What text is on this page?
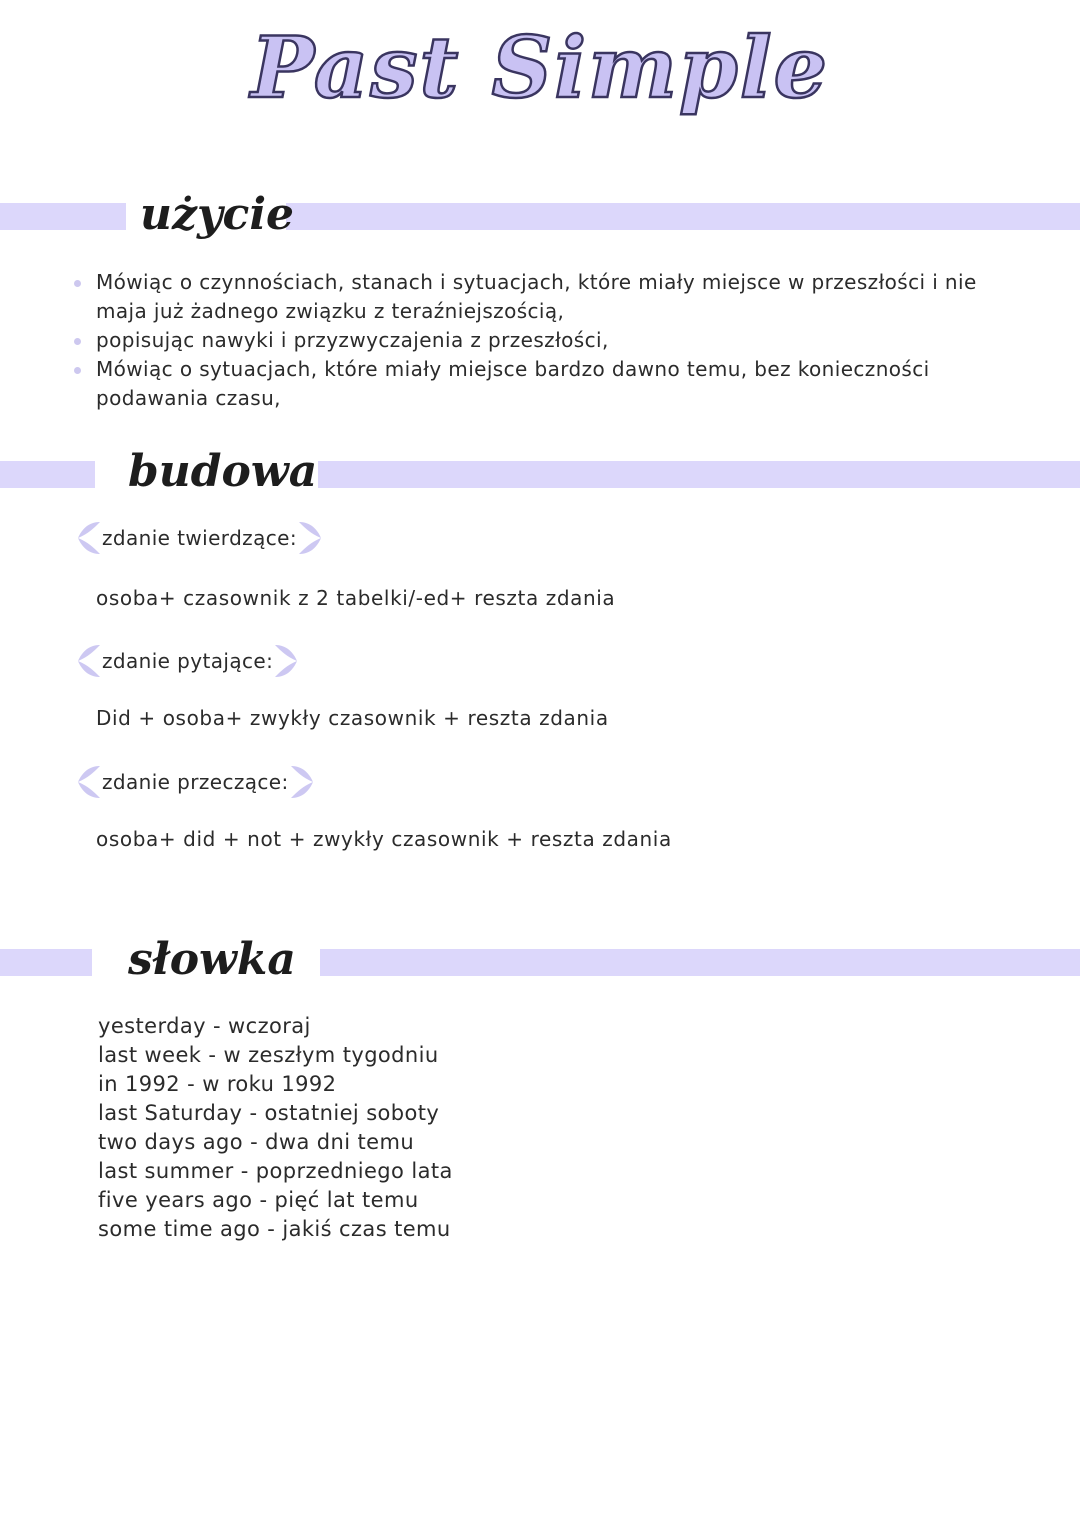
Past Simple
użycie
Mówiąc o czynnościach, stanach i sytuacjach, które miały miejsce w przeszłości i nie maja już żadnego związku z teraźniejszością,
popisując nawyki i przyzwyczajenia z przeszłości,
Mówiąc o sytuacjach, które miały miejsce bardzo dawno temu, bez konieczności podawania czasu,
budowa
zdanie twierdzące:
osoba+ czasownik z 2 tabelki/-ed+ reszta zdania
zdanie pytające:
Did + osoba+ zwykły czasownik + reszta zdania
zdanie przeczące:
osoba+ did + not + zwykły czasownik + reszta zdania
słowka
yesterday - wczoraj
last week - w zeszłym tygodniu
in 1992 - w roku 1992
last Saturday - ostatniej soboty
two days ago - dwa dni temu
last summer - poprzedniego lata
five years ago - pięć lat temu
some time ago - jakiś czas temu
